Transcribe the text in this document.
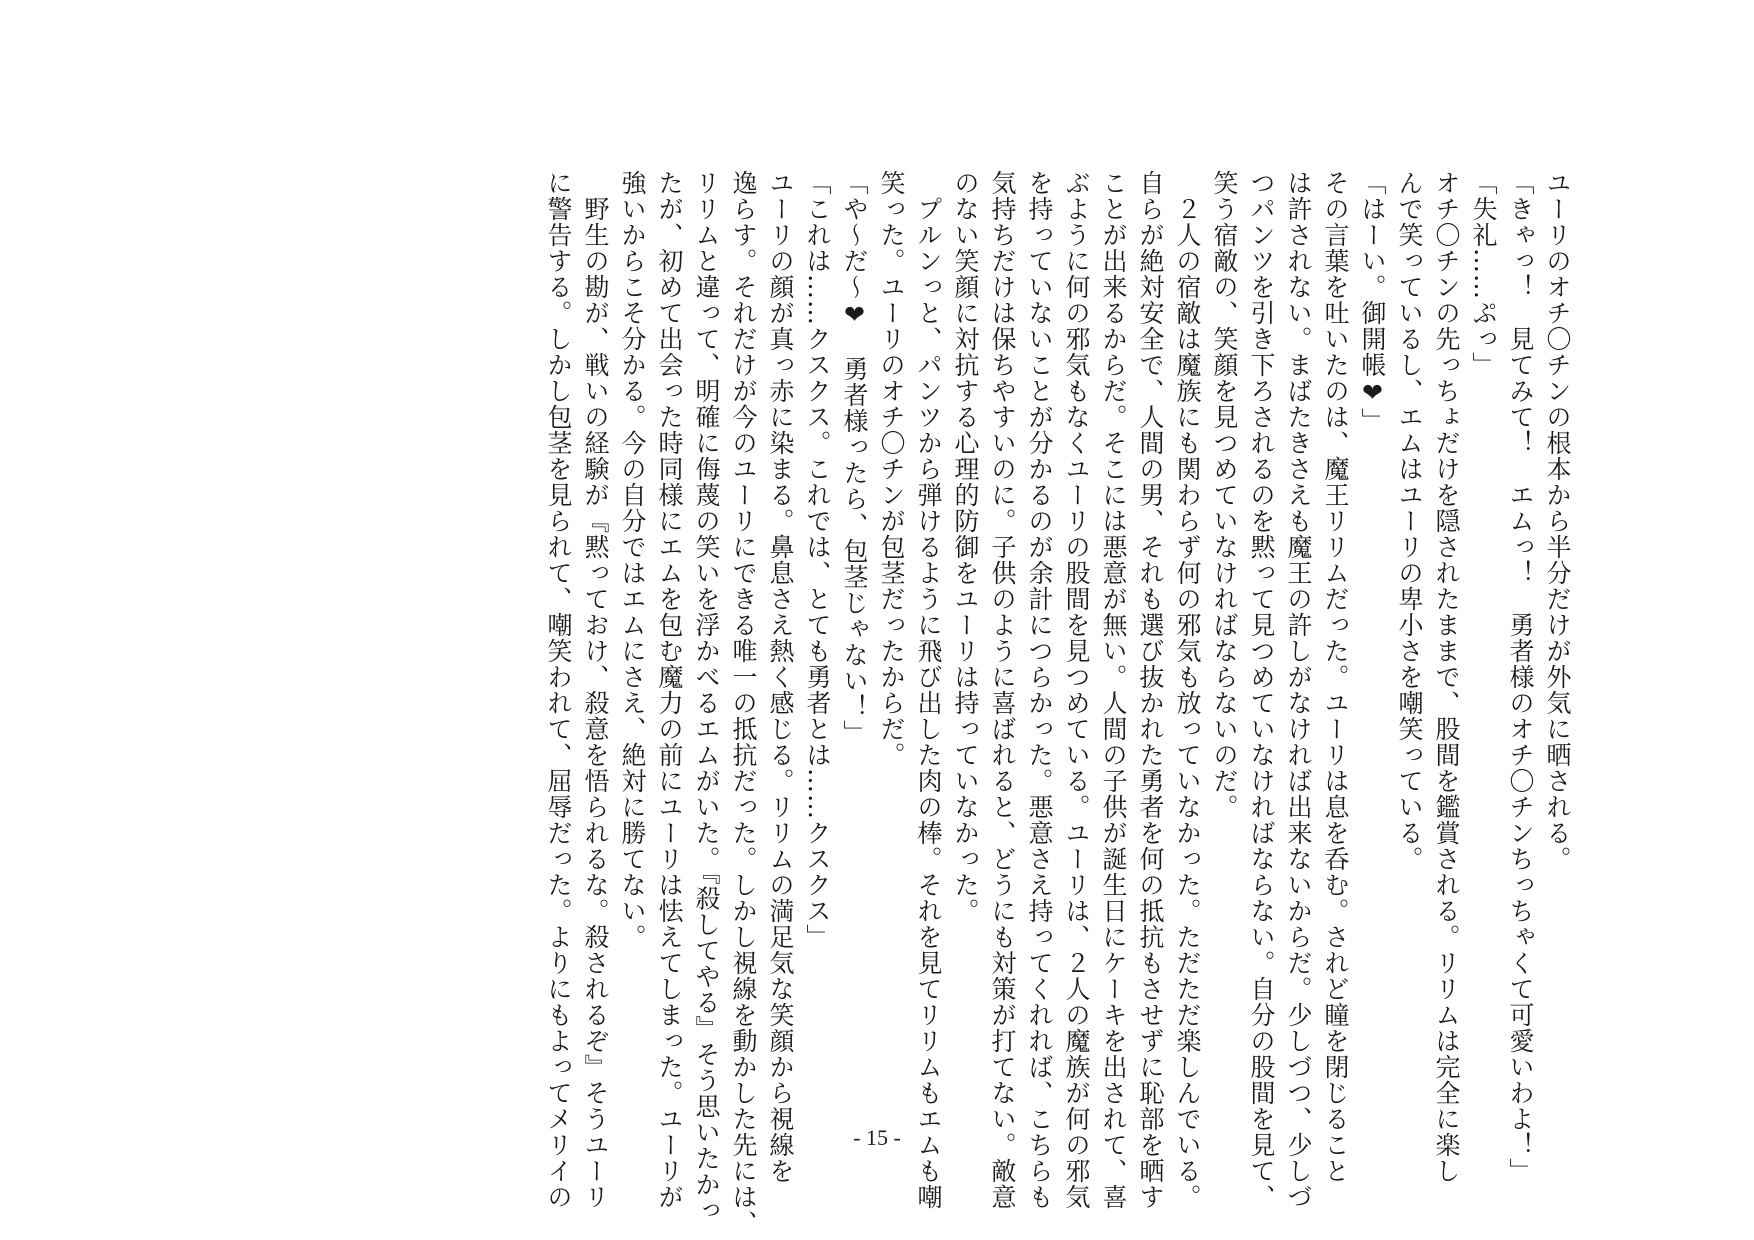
ユーリのオチ〇チンの根本から半分だけが外気に晒される。

「きゃっ！　見てみて！　エムっ！　勇者様のオチ〇チンちっちゃくて可愛いわよ！」

「失礼……ぷっ」

オチ〇チンの先っちょだけを隠されたままで、股間を鑑賞される。リリムは完全に楽し

んで笑っているし、エムはユーリの卑小さを嘲笑っている。

「はーい。御開帳❤」

その言葉を吐いたのは、魔王リリムだった。ユーリは息を呑む。されど瞳を閉じること

は許されない。まばたきさえも魔王の許しがなければ出来ないからだ。少しづつ、少しづ

つパンツを引き下ろされるのを黙って見つめていなければならない。自分の股間を見て、

笑う宿敵の、笑顔を見つめていなければならないのだ。

　２人の宿敵は魔族にも関わらず何の邪気も放っていなかった。ただただ楽しんでいる。

自らが絶対安全で、人間の男、それも選び抜かれた勇者を何の抵抗もさせずに恥部を晒す

ことが出来るからだ。そこには悪意が無い。人間の子供が誕生日にケーキを出されて、喜

ぶように何の邪気もなくユーリの股間を見つめている。ユーリは、２人の魔族が何の邪気

を持っていないことが分かるのが余計につらかった。悪意さえ持ってくれれば、こちらも

気持ちだけは保ちやすいのに。子供のように喜ばれると、どうにも対策が打てない。敵意

のない笑顔に対抗する心理的防御をユーリは持っていなかった。

　プルンっと、パンツから弾けるように飛び出した肉の棒。それを見てリリムもエムも嘲

笑った。ユーリのオチ〇チンが包茎だったからだ。

「や～だ～❤　勇者様ったら、包茎じゃない！」

「これは……クスクス。これでは、とても勇者とは……クスクス」

ユーリの顔が真っ赤に染まる。鼻息さえ熱く感じる。リリムの満足気な笑顔から視線を

逸らす。それだけが今のユーリにできる唯一の抵抗だった。しかし視線を動かした先には、

リリムと違って、明確に侮蔑の笑いを浮かべるエムがいた。『殺してやる』そう思いたかっ

たが、初めて出会った時同様にエムを包む魔力の前にユーリは怯えてしまった。ユーリが

強いからこそ分かる。今の自分ではエムにさえ、絶対に勝てない。

　野生の勘が、戦いの経験が『黙っておけ、殺意を悟られるな。殺されるぞ』そうユーリ

に警告する。しかし包茎を見られて、嘲笑われて、屈辱だった。よりにもよってメリイの	- 15 -
